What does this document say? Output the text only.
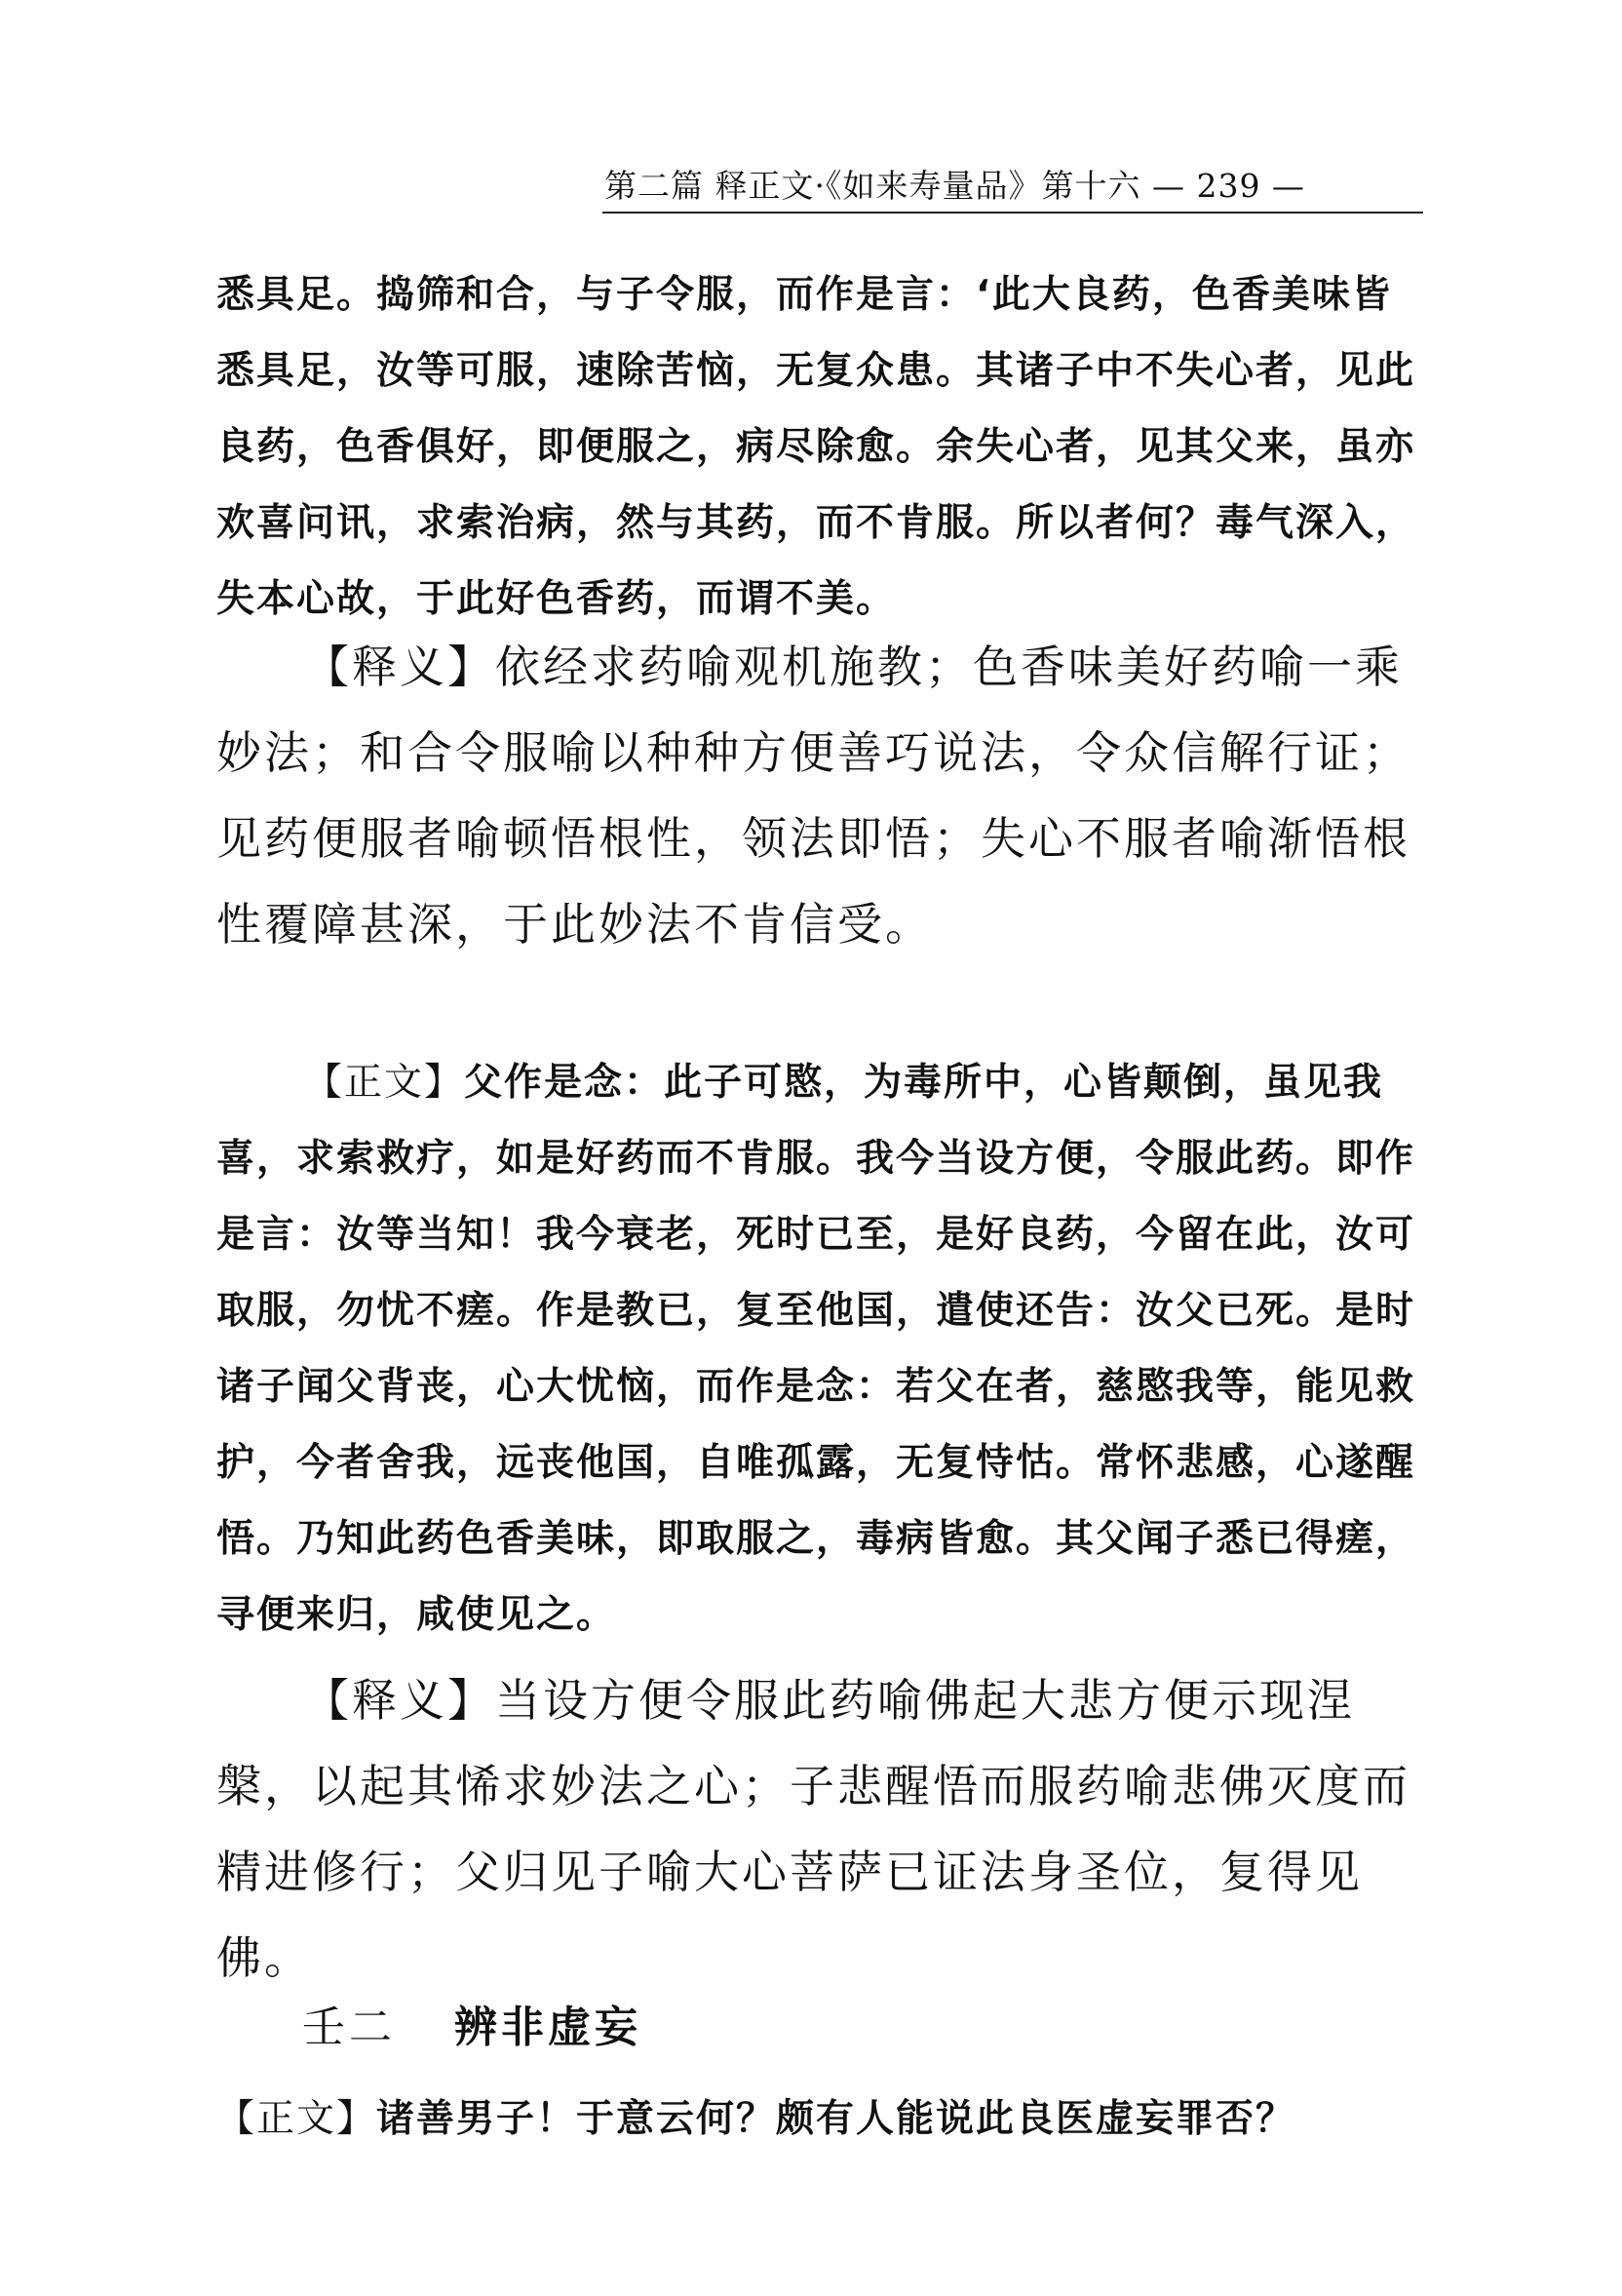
第二篇 释正文·《如来寿量品》第十六 — 239 —

悉具足。捣筛和合，与子令服，而作是言：‘此大良药，色香美味皆悉具足，汝等可服，速除苦恼，无复众患。其诸子中不失心者，见此良药，色香俱好，即便服之，病尽除愈。余失心者，见其父来，虽亦欢喜问讯，求索治病，然与其药，而不肯服。所以者何？毒气深入，失本心故，于此好色香药，而谓不美。

【释义】依经求药喻观机施教；色香味美好药喻一乘妙法；和合令服喻以种种方便善巧说法，令众信解行证；见药便服者喻顿悟根性，领法即悟；失心不服者喻渐悟根性覆障甚深，于此妙法不肯信受。

【正文】父作是念：此子可愍，为毒所中，心皆颠倒，虽见我喜，求索救疗，如是好药而不肯服。我今当设方便，令服此药。即作是言：汝等当知！我今衰老，死时已至，是好良药，今留在此，汝可取服，勿忧不瘥。作是教已，复至他国，遣使还告：汝父已死。是时诸子闻父背丧，心大忧恼，而作是念：若父在者，慈愍我等，能见救护，今者舍我，远丧他国，自唯孤露，无复恃怙。常怀悲感，心遂醒悟。乃知此药色香美味，即取服之，毒病皆愈。其父闻子悉已得瘥，寻便来归，咸使见之。

【释义】当设方便令服此药喻佛起大悲方便示现涅槃，以起其悕求妙法之心；子悲醒悟而服药喻悲佛灭度而精进修行；父归见子喻大心菩萨已证法身圣位，复得见佛。

壬二 辨非虚妄

【正文】诸善男子！于意云何？颇有人能说此良医虚妄罪否？
